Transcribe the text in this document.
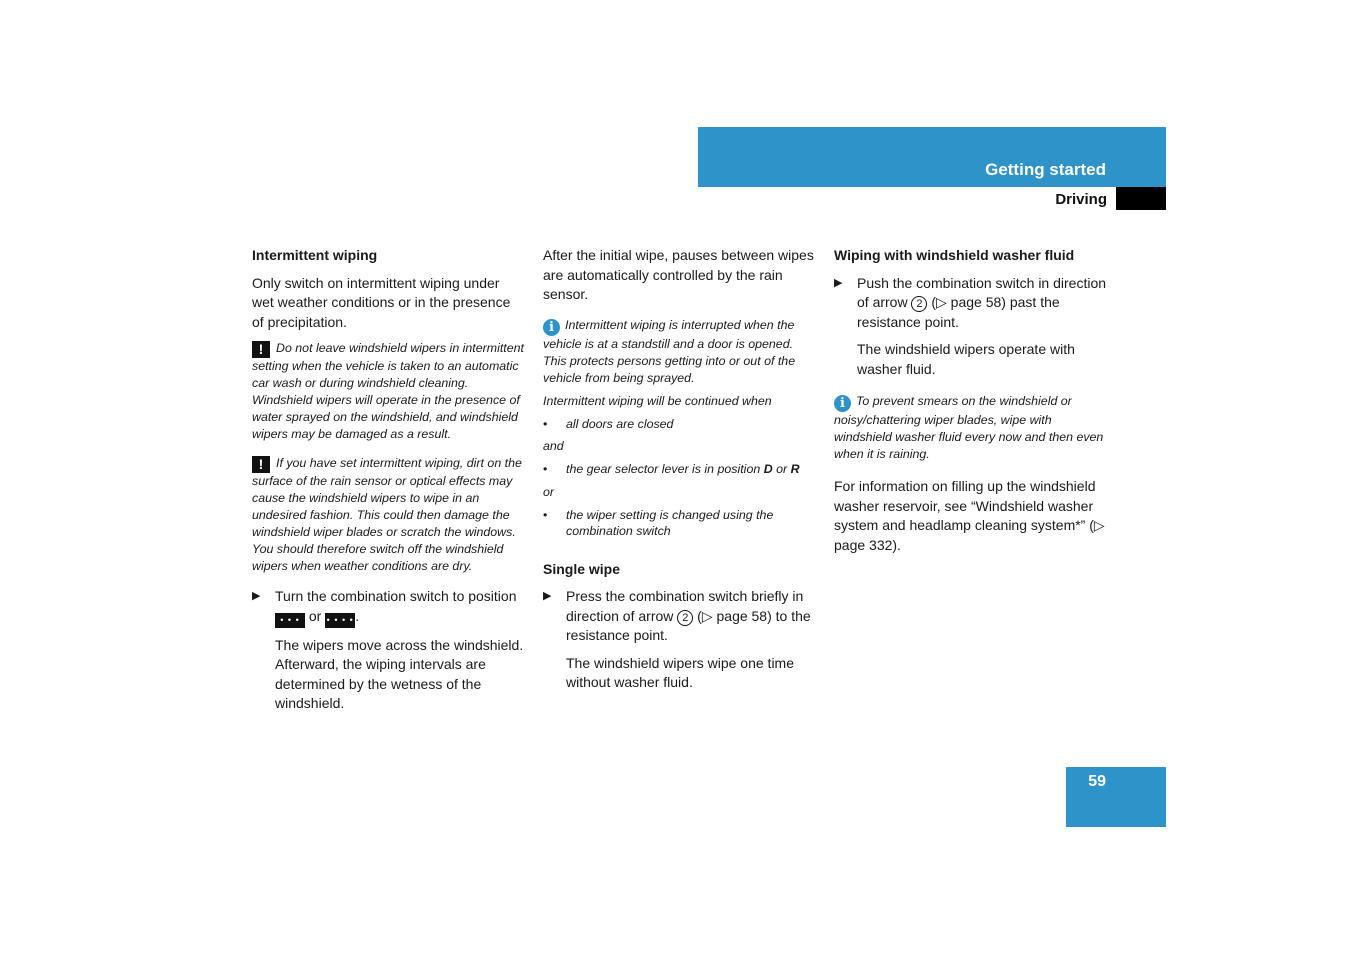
Getting started
Driving
Intermittent wiping
Only switch on intermittent wiping under wet weather conditions or in the presence of precipitation.
! Do not leave windshield wipers in intermittent setting when the vehicle is taken to an automatic car wash or during windshield cleaning. Windshield wipers will operate in the presence of water sprayed on the windshield, and windshield wipers may be damaged as a result.
! If you have set intermittent wiping, dirt on the surface of the rain sensor or optical effects may cause the windshield wipers to wipe in an undesired fashion. This could then damage the windshield wiper blades or scratch the windows. You should therefore switch off the windshield wipers when weather conditions are dry.
▶ Turn the combination switch to position • • • or • • • •.
The wipers move across the windshield. Afterward, the wiping intervals are determined by the wetness of the windshield.
After the initial wipe, pauses between wipes are automatically controlled by the rain sensor.
i Intermittent wiping is interrupted when the vehicle is at a standstill and a door is opened. This protects persons getting into or out of the vehicle from being sprayed.
Intermittent wiping will be continued when
• all doors are closed
and
• the gear selector lever is in position D or R
or
• the wiper setting is changed using the combination switch
Single wipe
▶ Press the combination switch briefly in direction of arrow 2 (▷ page 58) to the resistance point.
The windshield wipers wipe one time without washer fluid.
Wiping with windshield washer fluid
▶ Push the combination switch in direction of arrow 2 (▷ page 58) past the resistance point.
The windshield wipers operate with washer fluid.
i To prevent smears on the windshield or noisy/chattering wiper blades, wipe with windshield washer fluid every now and then even when it is raining.
For information on filling up the windshield washer reservoir, see “Windshield washer system and headlamp cleaning system*” (▷ page 332).
59
